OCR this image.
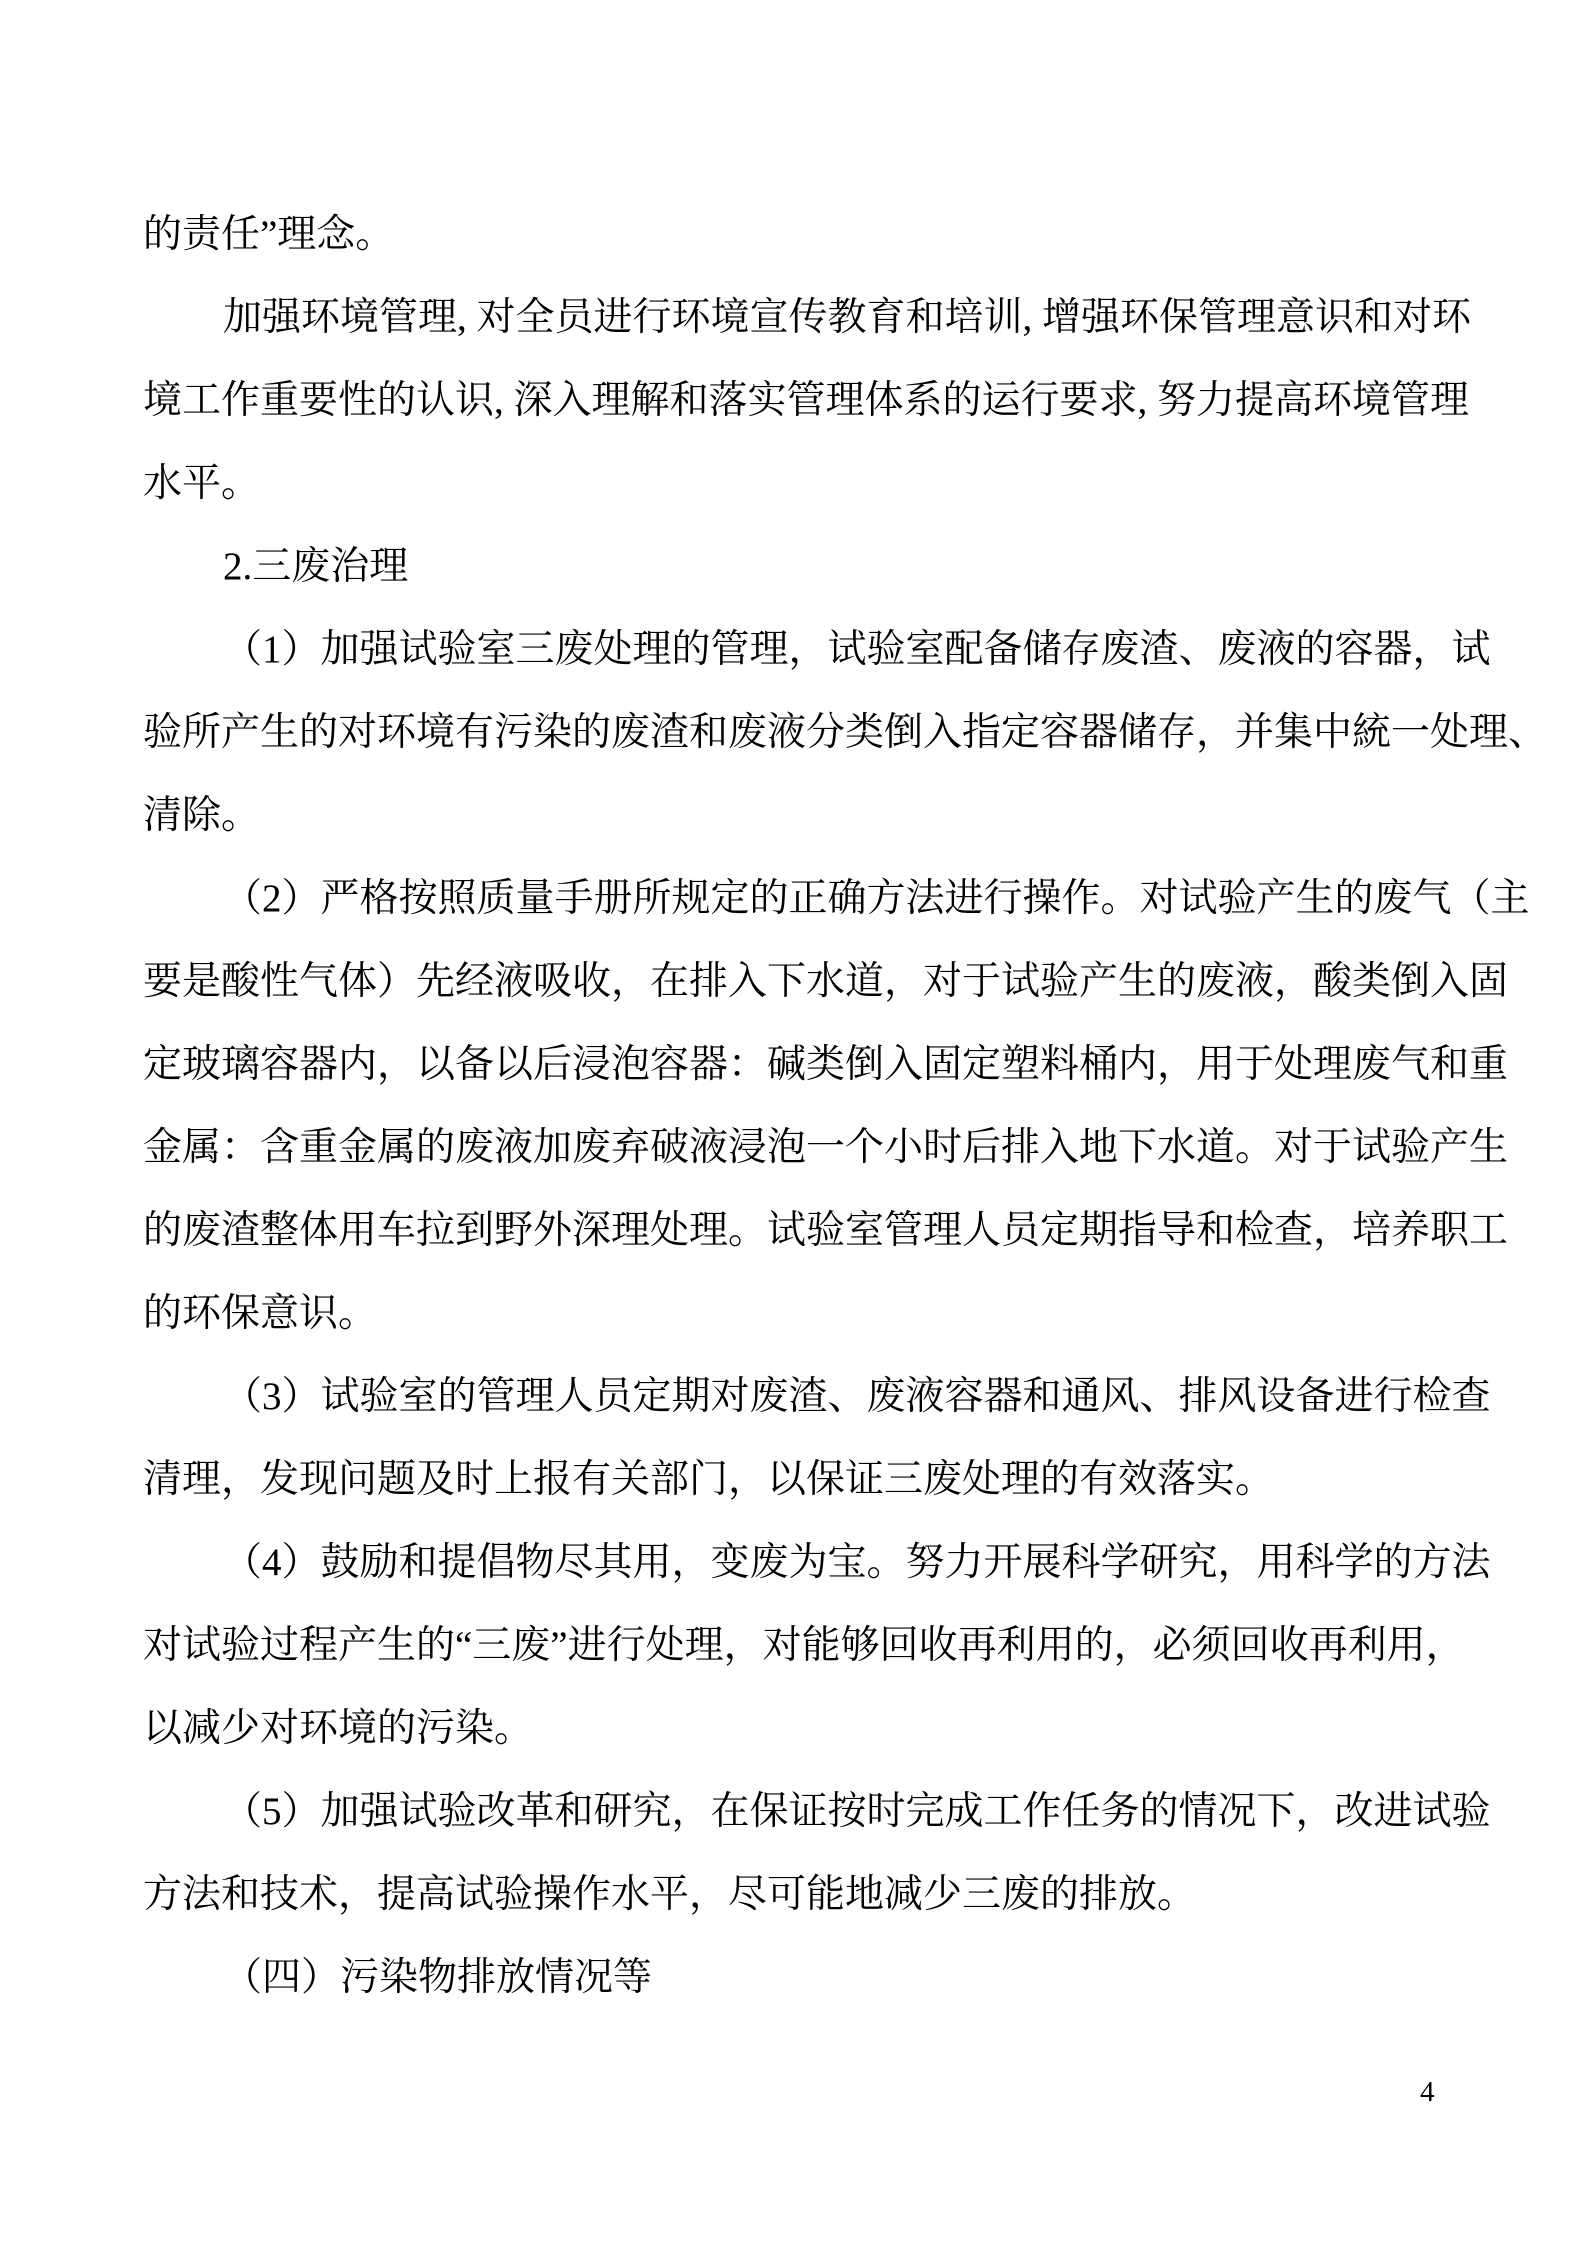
的责任”理念。
加强环境管理, 对全员进行环境宣传教育和培训, 增强环保管理意识和对环
境工作重要性的认识, 深入理解和落实管理体系的运行要求, 努力提高环境管理
水平。
2.三废治理
（1）加强试验室三废处理的管理，试验室配备储存废渣、废液的容器，试
验所产生的对环境有污染的废渣和废液分类倒入指定容器储存，并集中統一处理、
清除。
（2）严格按照质量手册所规定的正确方法进行操作。对试验产生的废气（主
要是酸性气体）先经液吸收，在排入下水道，对于试验产生的废液，酸类倒入固
定玻璃容器内，以备以后浸泡容器：碱类倒入固定塑料桶内，用于处理废气和重
金属：含重金属的废液加废弃破液浸泡一个小时后排入地下水道。对于试验产生
的废渣整体用车拉到野外深理处理。试验室管理人员定期指导和检查，培养职工
的环保意识。
（3）试验室的管理人员定期对废渣、废液容器和通风、排风设备进行检查
清理，发现问题及时上报有关部门，以保证三废处理的有效落实。
（4）鼓励和提倡物尽其用，变废为宝。努力开展科学研究，用科学的方法
对试验过程产生的“三废”进行处理，对能够回收再利用的，必须回收再利用，
以减少对环境的污染。
（5）加强试验改革和研究，在保证按时完成工作任务的情况下，改进试验
方法和技术，提高试验操作水平，尽可能地减少三废的排放。
（四）污染物排放情况等
4
